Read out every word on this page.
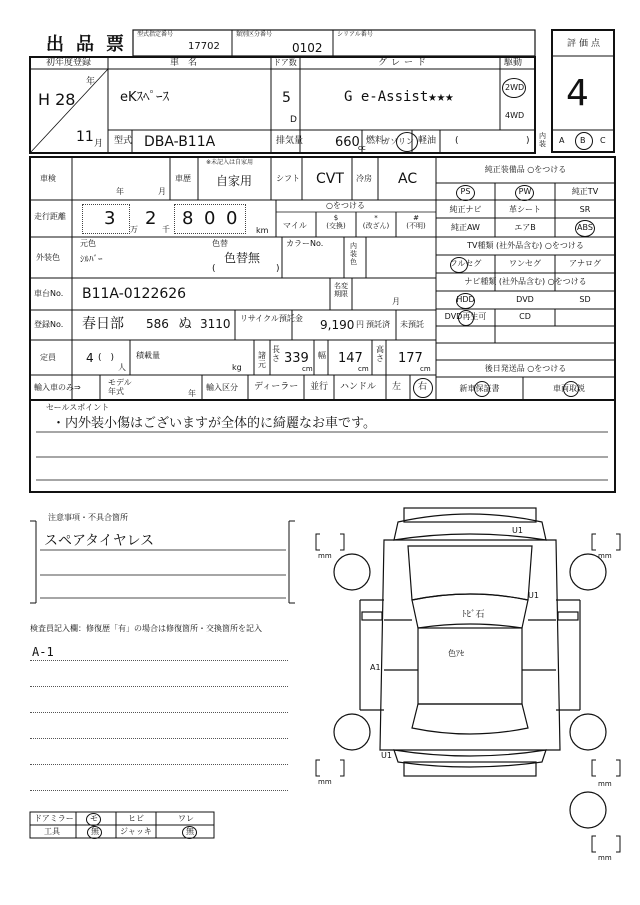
出品票 型式指定番号
17702
類別区分番号
0102
シリアル番号
評価点
4
初年度登録
H 28
年
11 月
車　名
eKｽﾍﾟｰｽ
ドア数
5
D
グレード
G e-Assist★★★
駆動
2WD
4WD
型式 DBA-B11A	排気量 660
cc
燃料
ガソリン 軽油 (	) 内装	A B C
車検
年	月
車歴
※未記入は自家用
自家用	シフト CVT 冷房 AC
走行距離 3
万
2
千
8 0 0
km
○をつける
マイル
$
(交換)
*
(改ざん)
#
(不明)
外装色
元色
ｼﾙﾊﾞｰ
色替
(
色替無
)
カラーNo.	内装色
車台No. B11A-0122626	名変期限
月
登録No. 春日部 586 ぬ 3110 リサイクル預託金 9,190 円 預託済 未預託
定員	4 (　)
人
積載量
kg
諸元
長さ 339
cm
幅 147
cm
高さ 177
cm
輸入車のみ⇒
モデル年式	年
輸入区分 ディーラー 並行 ハンドル 左 右
純正装備品 ○をつける
PS	PW	純正TV
純正ナビ	革シート	SR
純正AW	エアB	ABS
TV種類 (社外品含む) ○をつける
フルセグ	ワンセグ	アナログ
ナビ種類 (社外品含む) ○をつける
HDD	DVD	SD
DVD再生可	CD
後日発送品 ○をつける
新車保証書	車両取説
セールスポイント
・内外装小傷はございますが全体的に綺麗なお車です。
注意事項・不具合箇所
スペアタイヤレス
検査員記入欄：修復歴「有」の場合は修復箇所・交換箇所を記入
A-1
U1
U1
ﾄﾋﾞ石
色ｱｾ
A1
U1
mm	mm
mm	mm
mm
ドアミラー モ	ヒビ	ワレ
工具	無	ジャッキ	無
